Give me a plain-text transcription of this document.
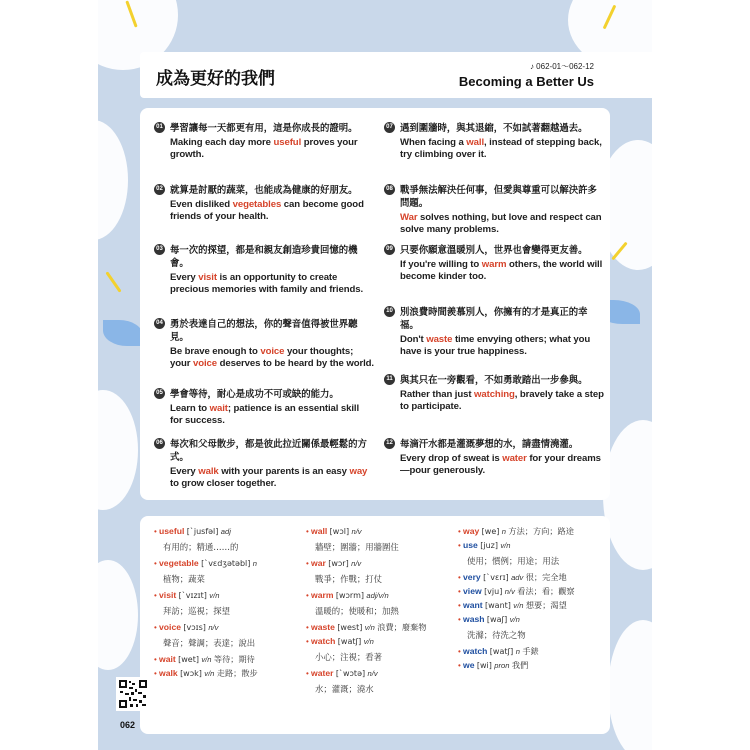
成為更好的我們
♪ 062-01～062-12
Becoming a Better Us
01 學習讓每一天都更有用，這是你成長的證明。
Making each day more useful proves your growth.
02 就算是討厭的蔬菜，也能成為健康的好朋友。
Even disliked vegetables can become good friends of your health.
03 每一次的探望，都是和親友創造珍貴回憶的機會。
Every visit is an opportunity to create precious memories with family and friends.
04 勇於表達自己的想法，你的聲音值得被世界聽見。
Be brave enough to voice your thoughts; your voice deserves to be heard by the world.
05 學會等待，耐心是成功不可或缺的能力。
Learn to wait; patience is an essential skill for success.
06 每次和父母散步，都是彼此拉近關係最輕鬆的方式。
Every walk with your parents is an easy way to grow closer together.
07 遇到圍牆時，與其退縮，不如試著翻越過去。
When facing a wall, instead of stepping back, try climbing over it.
08 戰爭無法解決任何事，但愛與尊重可以解決許多問題。
War solves nothing, but love and respect can solve many problems.
09 只要你願意溫暖別人，世界也會變得更友善。
If you're willing to warm others, the world will become kinder too.
10 別浪費時間羨慕別人，你擁有的才是真正的幸福。
Don't waste time envying others; what you have is your true happiness.
11 與其只在一旁觀看，不如勇敢踏出一步參與。
Rather than just watching, bravely take a step to participate.
12 每滴汗水都是灌溉夢想的水，請盡情澆灌。
Every drop of sweat is water for your dreams—pour generously.
• useful [ˋjusfəl] adj
有用的；精通……的
• vegetable [ˋvɛdʒətəbl] n
植物；蔬菜
• visit [ˋvɪzɪt] v/n
拜訪；巡視；探望
• voice [vɔɪs] n/v
聲音；聲調；表達；說出
• wait [wet] v/n 等待；期待
• walk [wɔk] v/n 走路；散步
• wall [wɔl] n/v
牆壁；圍牆；用牆圍住
• war [wɔr] n/v
戰爭；作戰；打仗
• warm [wɔrm] adj/v/n
溫暖的；使暖和；加熱
• waste [west] v/n 浪費；廢棄物
• watch [watʃ] v/n
小心；注視；看著
• water [ˋwɔtə] n/v
水；灌溉；澆水
• way [we] n 方法；方向；路途
• use [juz] v/n
使用；慣例；用途；用法
• very [ˋvɛrɪ] adv 很；完全地
• view [vju] n/v 看法；看；觀察
• want [want] v/n 想要；渴望
• wash [waʃ] v/n
洗滌；待洗之物
• watch [watʃ] n 手錶
• we [wi] pron 我們
062
